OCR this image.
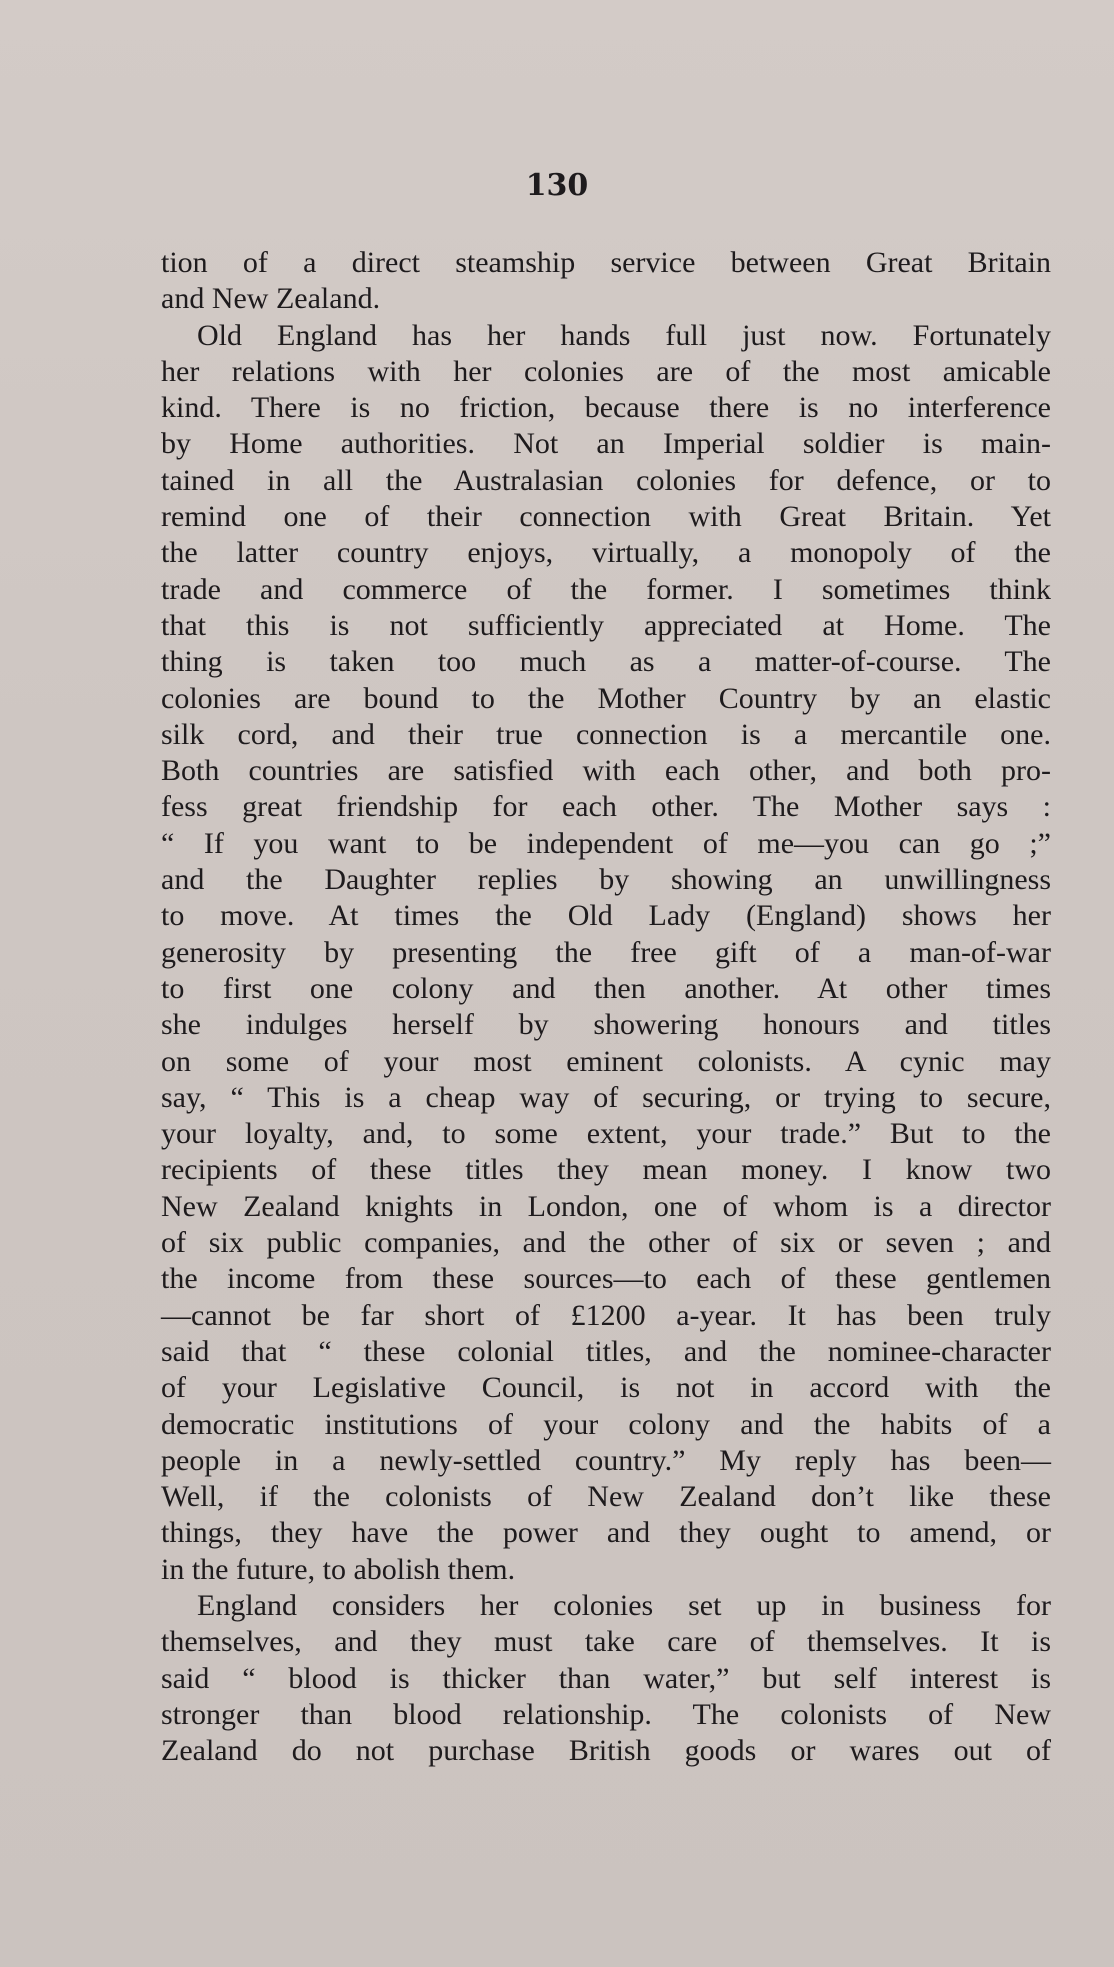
130
tion of a direct steamship service between Great Britain
and New Zealand.
Old England has her hands full just now. Fortunately
her relations with her colonies are of the most amicable
kind. There is no friction, because there is no interference
by Home authorities. Not an Imperial soldier is main-
tained in all the Australasian colonies for defence, or to
remind one of their connection with Great Britain. Yet
the latter country enjoys, virtually, a monopoly of the
trade and commerce of the former. I sometimes think
that this is not sufficiently appreciated at Home. The
thing is taken too much as a matter-of-course. The
colonies are bound to the Mother Country by an elastic
silk cord, and their true connection is a mercantile one.
Both countries are satisfied with each other, and both pro-
fess great friendship for each other. The Mother says :
“ If you want to be independent of me—you can go ;”
and the Daughter replies by showing an unwillingness
to move. At times the Old Lady (England) shows her
generosity by presenting the free gift of a man-of-war
to first one colony and then another. At other times
she indulges herself by showering honours and titles
on some of your most eminent colonists. A cynic may
say, “ This is a cheap way of securing, or trying to secure,
your loyalty, and, to some extent, your trade.” But to the
recipients of these titles they mean money. I know two
New Zealand knights in London, one of whom is a director
of six public companies, and the other of six or seven ; and
the income from these sources—to each of these gentlemen
—cannot be far short of £1200 a-year. It has been truly
said that “ these colonial titles, and the nominee-character
of your Legislative Council, is not in accord with the
democratic institutions of your colony and the habits of a
people in a newly-settled country.” My reply has been—
Well, if the colonists of New Zealand don’t like these
things, they have the power and they ought to amend, or
in the future, to abolish them.
England considers her colonies set up in business for
themselves, and they must take care of themselves. It is
said “ blood is thicker than water,” but self interest is
stronger than blood relationship. The colonists of New
Zealand do not purchase British goods or wares out of
